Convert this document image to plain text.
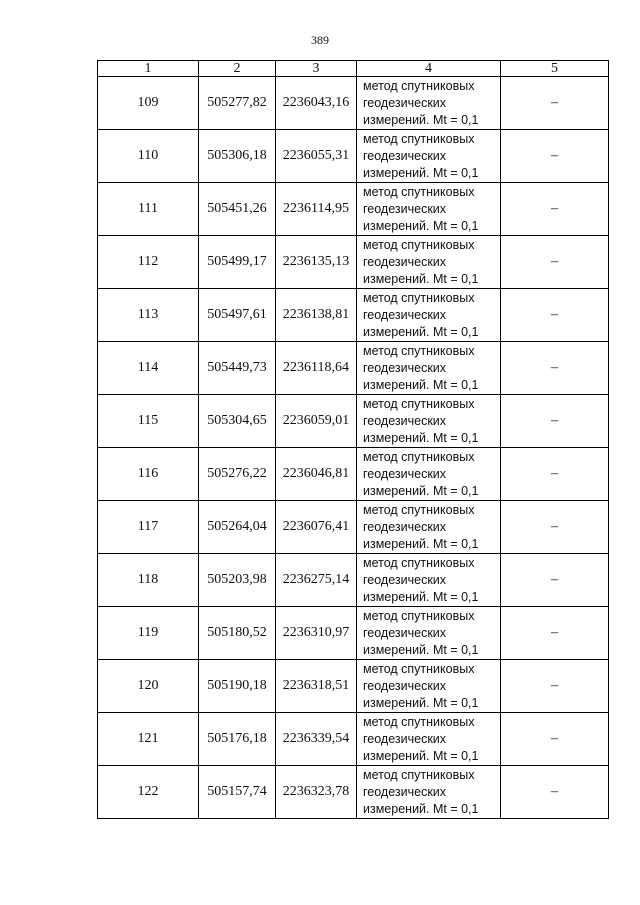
389
1	2	3	4	5
109	505277,82	2236043,16	метод спутниковых
геодезических
измерений. Mt = 0,1	–
110	505306,18	2236055,31	метод спутниковых
геодезических
измерений. Mt = 0,1	–
111	505451,26	2236114,95	метод спутниковых
геодезических
измерений. Mt = 0,1	–
112	505499,17	2236135,13	метод спутниковых
геодезических
измерений. Mt = 0,1	–
113	505497,61	2236138,81	метод спутниковых
геодезических
измерений. Mt = 0,1	–
114	505449,73	2236118,64	метод спутниковых
геодезических
измерений. Mt = 0,1	–
115	505304,65	2236059,01	метод спутниковых
геодезических
измерений. Mt = 0,1	–
116	505276,22	2236046,81	метод спутниковых
геодезических
измерений. Mt = 0,1	–
117	505264,04	2236076,41	метод спутниковых
геодезических
измерений. Mt = 0,1	–
118	505203,98	2236275,14	метод спутниковых
геодезических
измерений. Mt = 0,1	–
119	505180,52	2236310,97	метод спутниковых
геодезических
измерений. Mt = 0,1	–
120	505190,18	2236318,51	метод спутниковых
геодезических
измерений. Mt = 0,1	–
121	505176,18	2236339,54	метод спутниковых
геодезических
измерений. Mt = 0,1	–
122	505157,74	2236323,78	метод спутниковых
геодезических
измерений. Mt = 0,1	–
